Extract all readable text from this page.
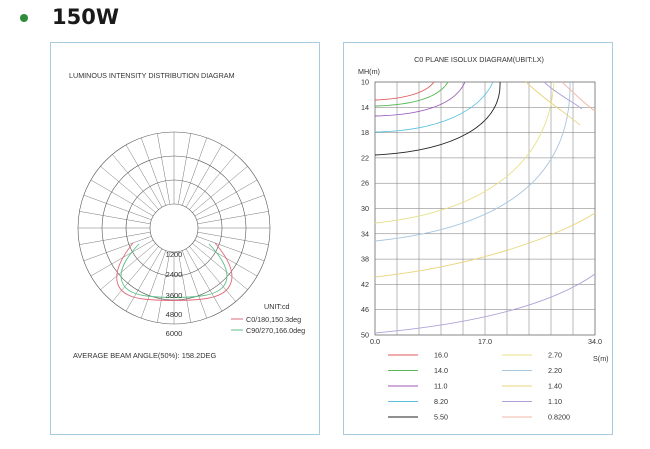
150W
LUMINOUS INTENSITY DISTRIBUTION DIAGRAM
1200
2400
3600
4800
6000
UNIT:cd
C0/180,150.3deg
C90/270,166.0deg
AVERAGE BEAM ANGLE(50%): 158.2DEG
C0 PLANE ISOLUX DIAGRAM(UBIT:LX)
MH(m)
10
14
18
22
26
30
34
38
42
46
50
0.0	17.0	34.0
S(m)
16.0	2.70
14.0	2.20
11.0	1.40
8.20	1.10
5.50	0.8200
